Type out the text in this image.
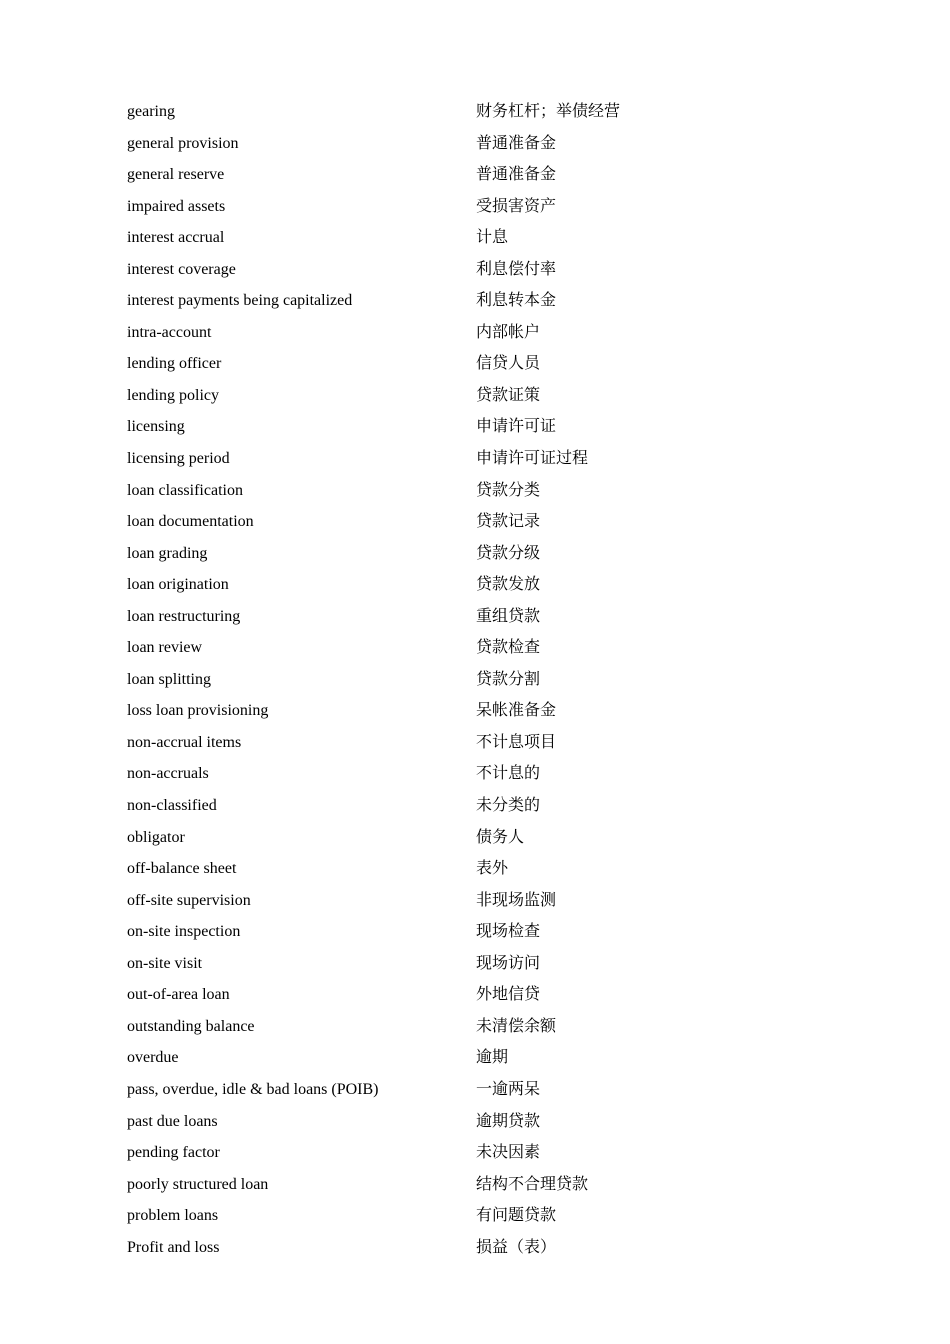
gearing	财务杠杆；举债经营
general provision	普通准备金
general reserve	普通准备金
impaired assets	受损害资产
interest accrual	计息
interest coverage	利息偿付率
interest payments being capitalized	利息转本金
intra-account	内部帐户
lending officer	信贷人员
lending policy	贷款证策
licensing	申请许可证
licensing period	申请许可证过程
loan classification	贷款分类
loan documentation	贷款记录
loan grading	贷款分级
loan origination	贷款发放
loan restructuring	重组贷款
loan review	贷款检查
loan splitting	贷款分割
loss loan provisioning	呆帐准备金
non-accrual items	不计息项目
non-accruals	不计息的
non-classified	未分类的
obligator	债务人
off-balance sheet	表外
off-site supervision	非现场监测
on-site inspection	现场检查
on-site visit	现场访问
out-of-area loan	外地信贷
outstanding balance	未清偿余额
overdue	逾期
pass, overdue, idle & bad loans (POIB)	一逾两呆
past due loans	逾期贷款
pending factor	未决因素
poorly structured loan	结构不合理贷款
problem loans	有问题贷款
Profit and loss	损益（表）
